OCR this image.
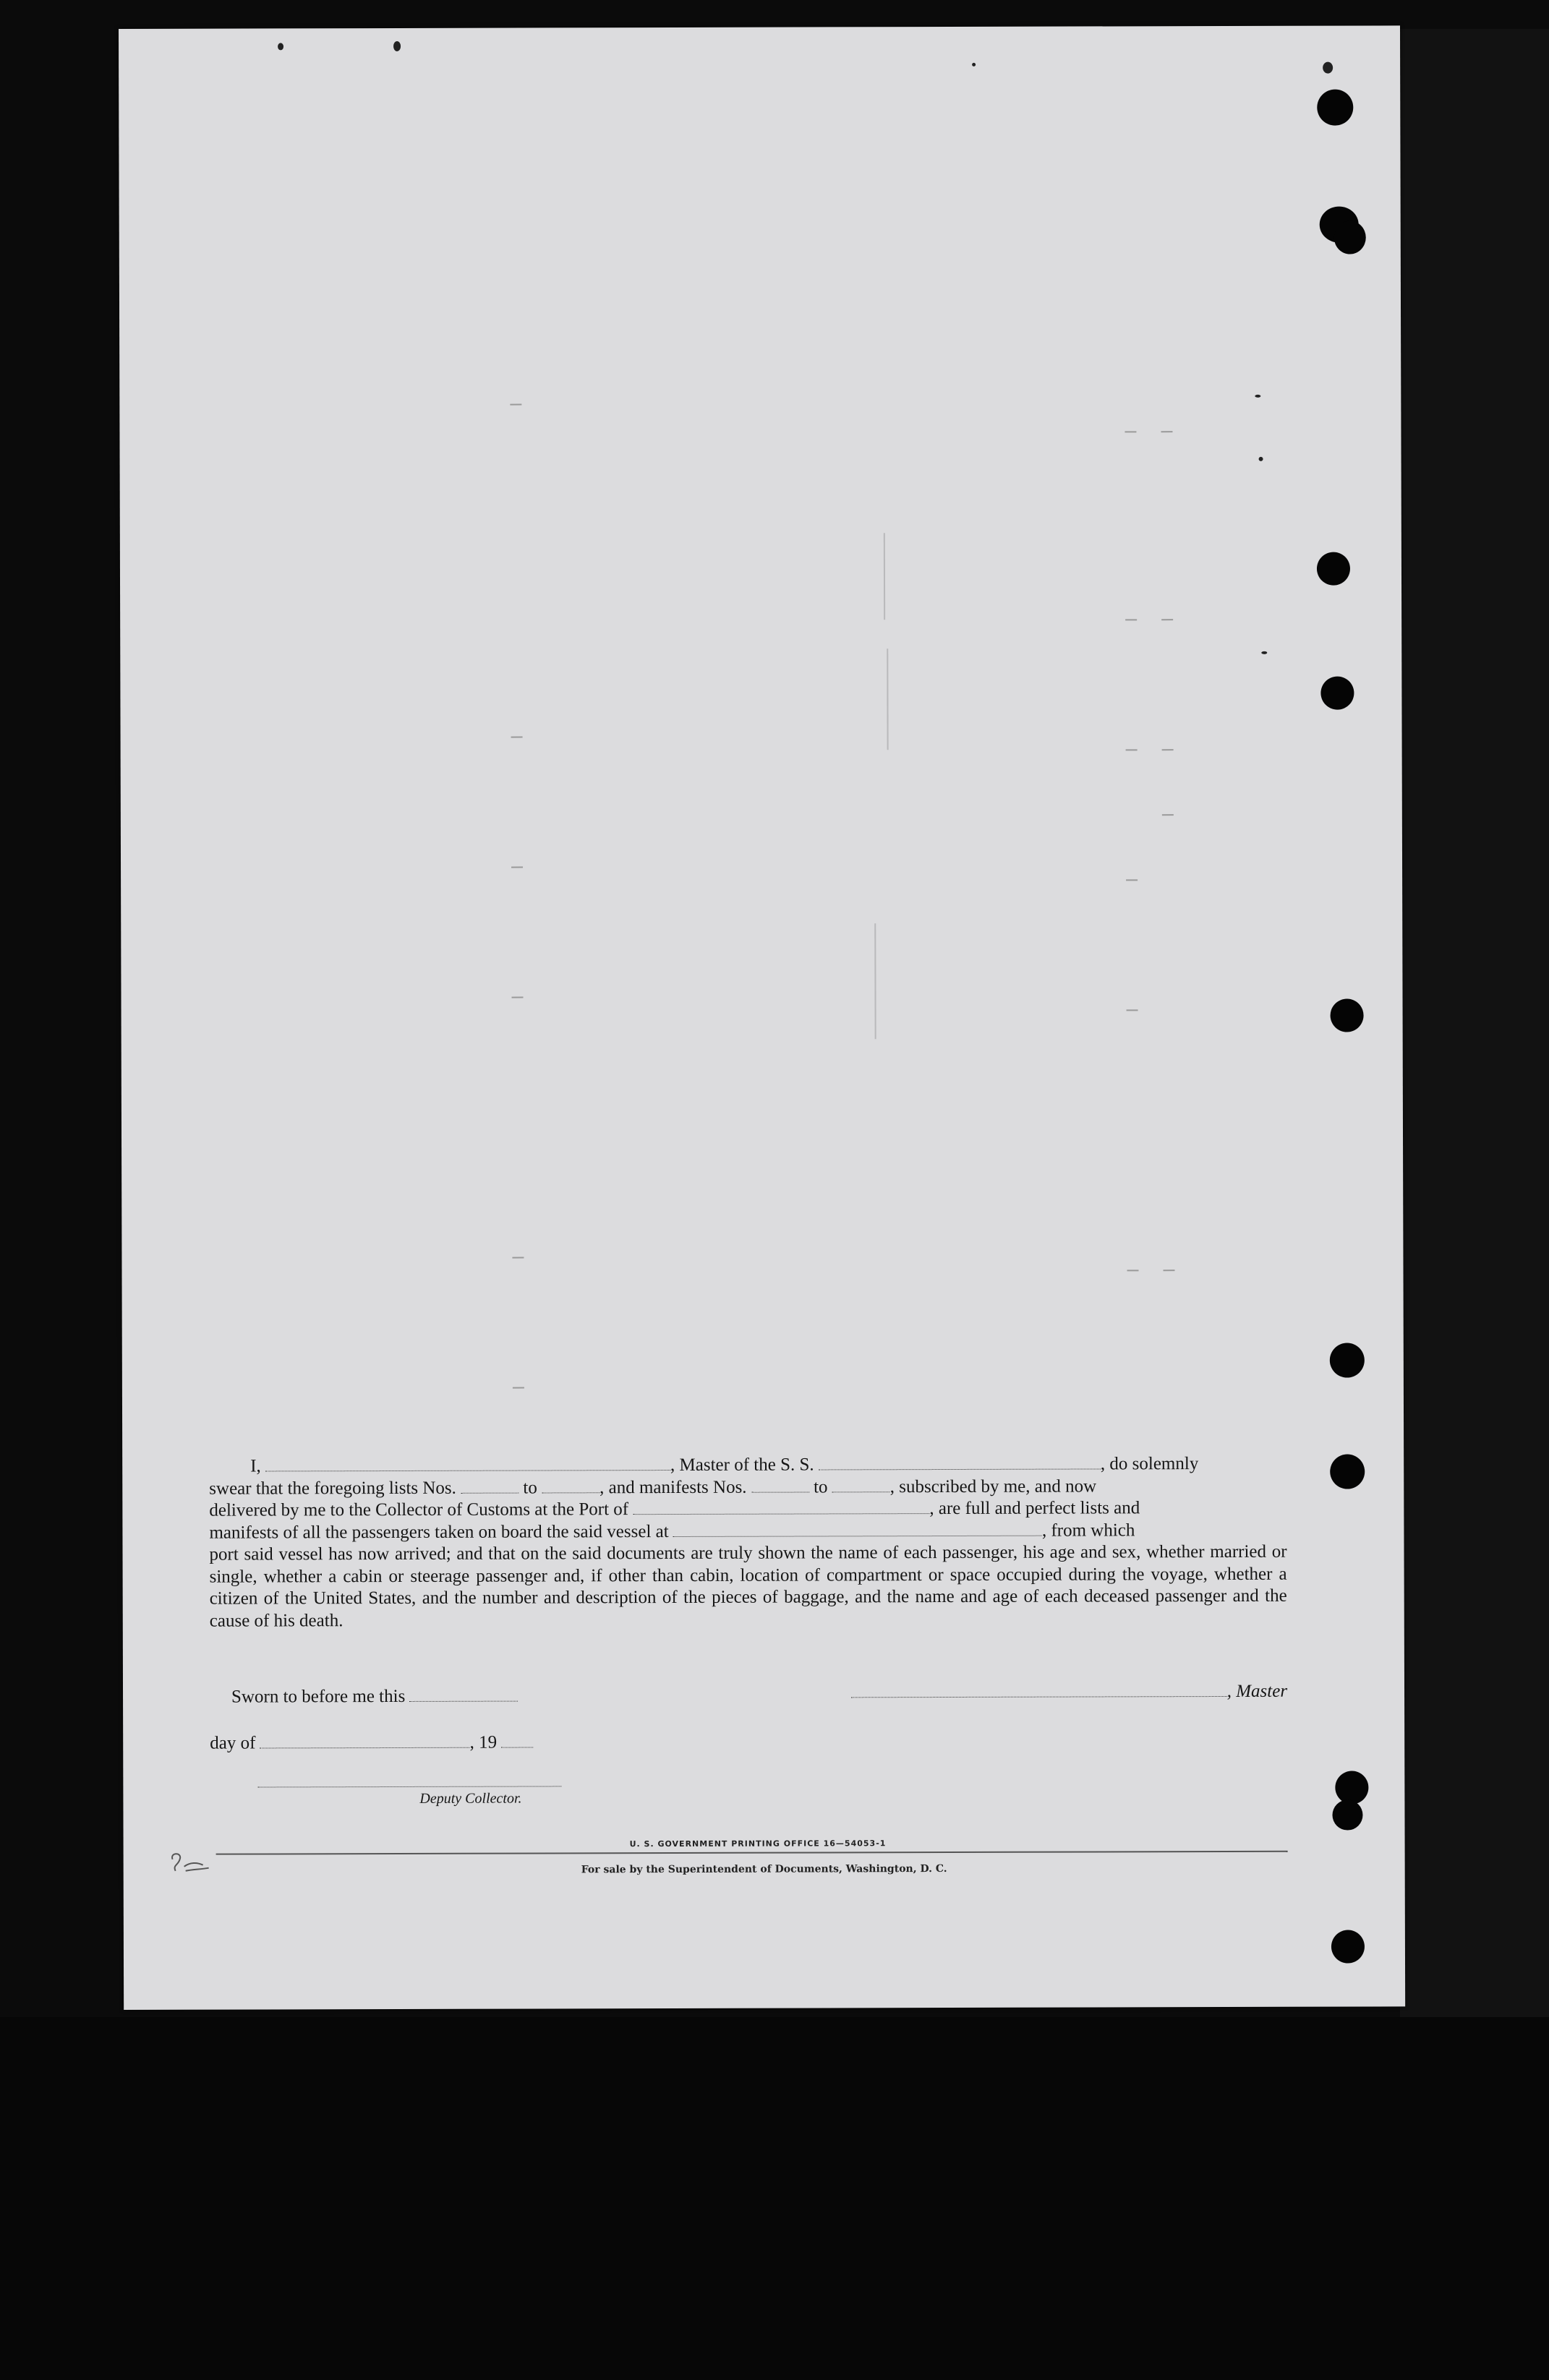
I,	, Master of the S. S.	, do solemnly

swear that the foregoing lists Nos.	to	, and manifests Nos.	to	, subscribed by me, and now

delivered by me to the Collector of Customs at the Port of	, are full and perfect lists and

manifests of all the passengers taken on board the said vessel at	, from which

port said vessel has now arrived; and that on the said documents are truly shown the name of each passenger, his age and sex, whether married or single, whether a cabin or steerage passenger and, if other than cabin, location of compartment or space occupied during the voyage, whether a citizen of the United States, and the number and description of the pieces of baggage, and the name and age of each deceased passenger and the cause of his death.

Sworn to before me this	, Master
day of	, 19
Deputy Collector.
U. S. GOVERNMENT PRINTING OFFICE 16—54053-1
For sale by the Superintendent of Documents, Washington, D. C.
